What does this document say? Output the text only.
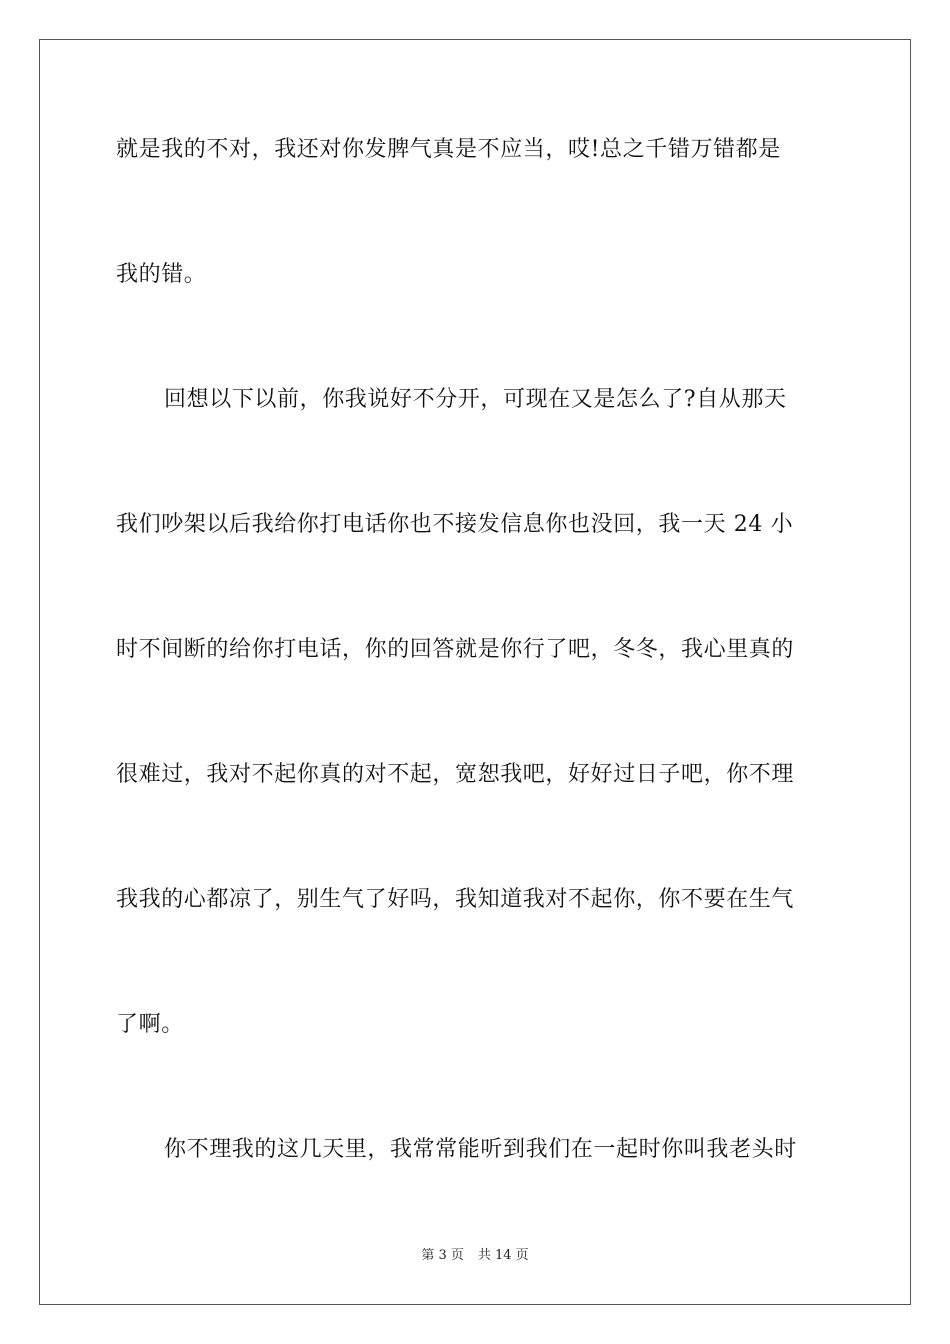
就是我的不对，我还对你发脾气真是不应当，哎!总之千错万错都是
我的错。
回想以下以前，你我说好不分开，可现在又是怎么了?自从那天
我们吵架以后我给你打电话你也不接发信息你也没回，我一天 24 小
时不间断的给你打电话，你的回答就是你行了吧，冬冬，我心里真的
很难过，我对不起你真的对不起，宽恕我吧，好好过日子吧，你不理
我我的心都凉了，别生气了好吗，我知道我对不起你，你不要在生气
了啊。
你不理我的这几天里，我常常能听到我们在一起时你叫我老头时
第 3 页 共 14 页
